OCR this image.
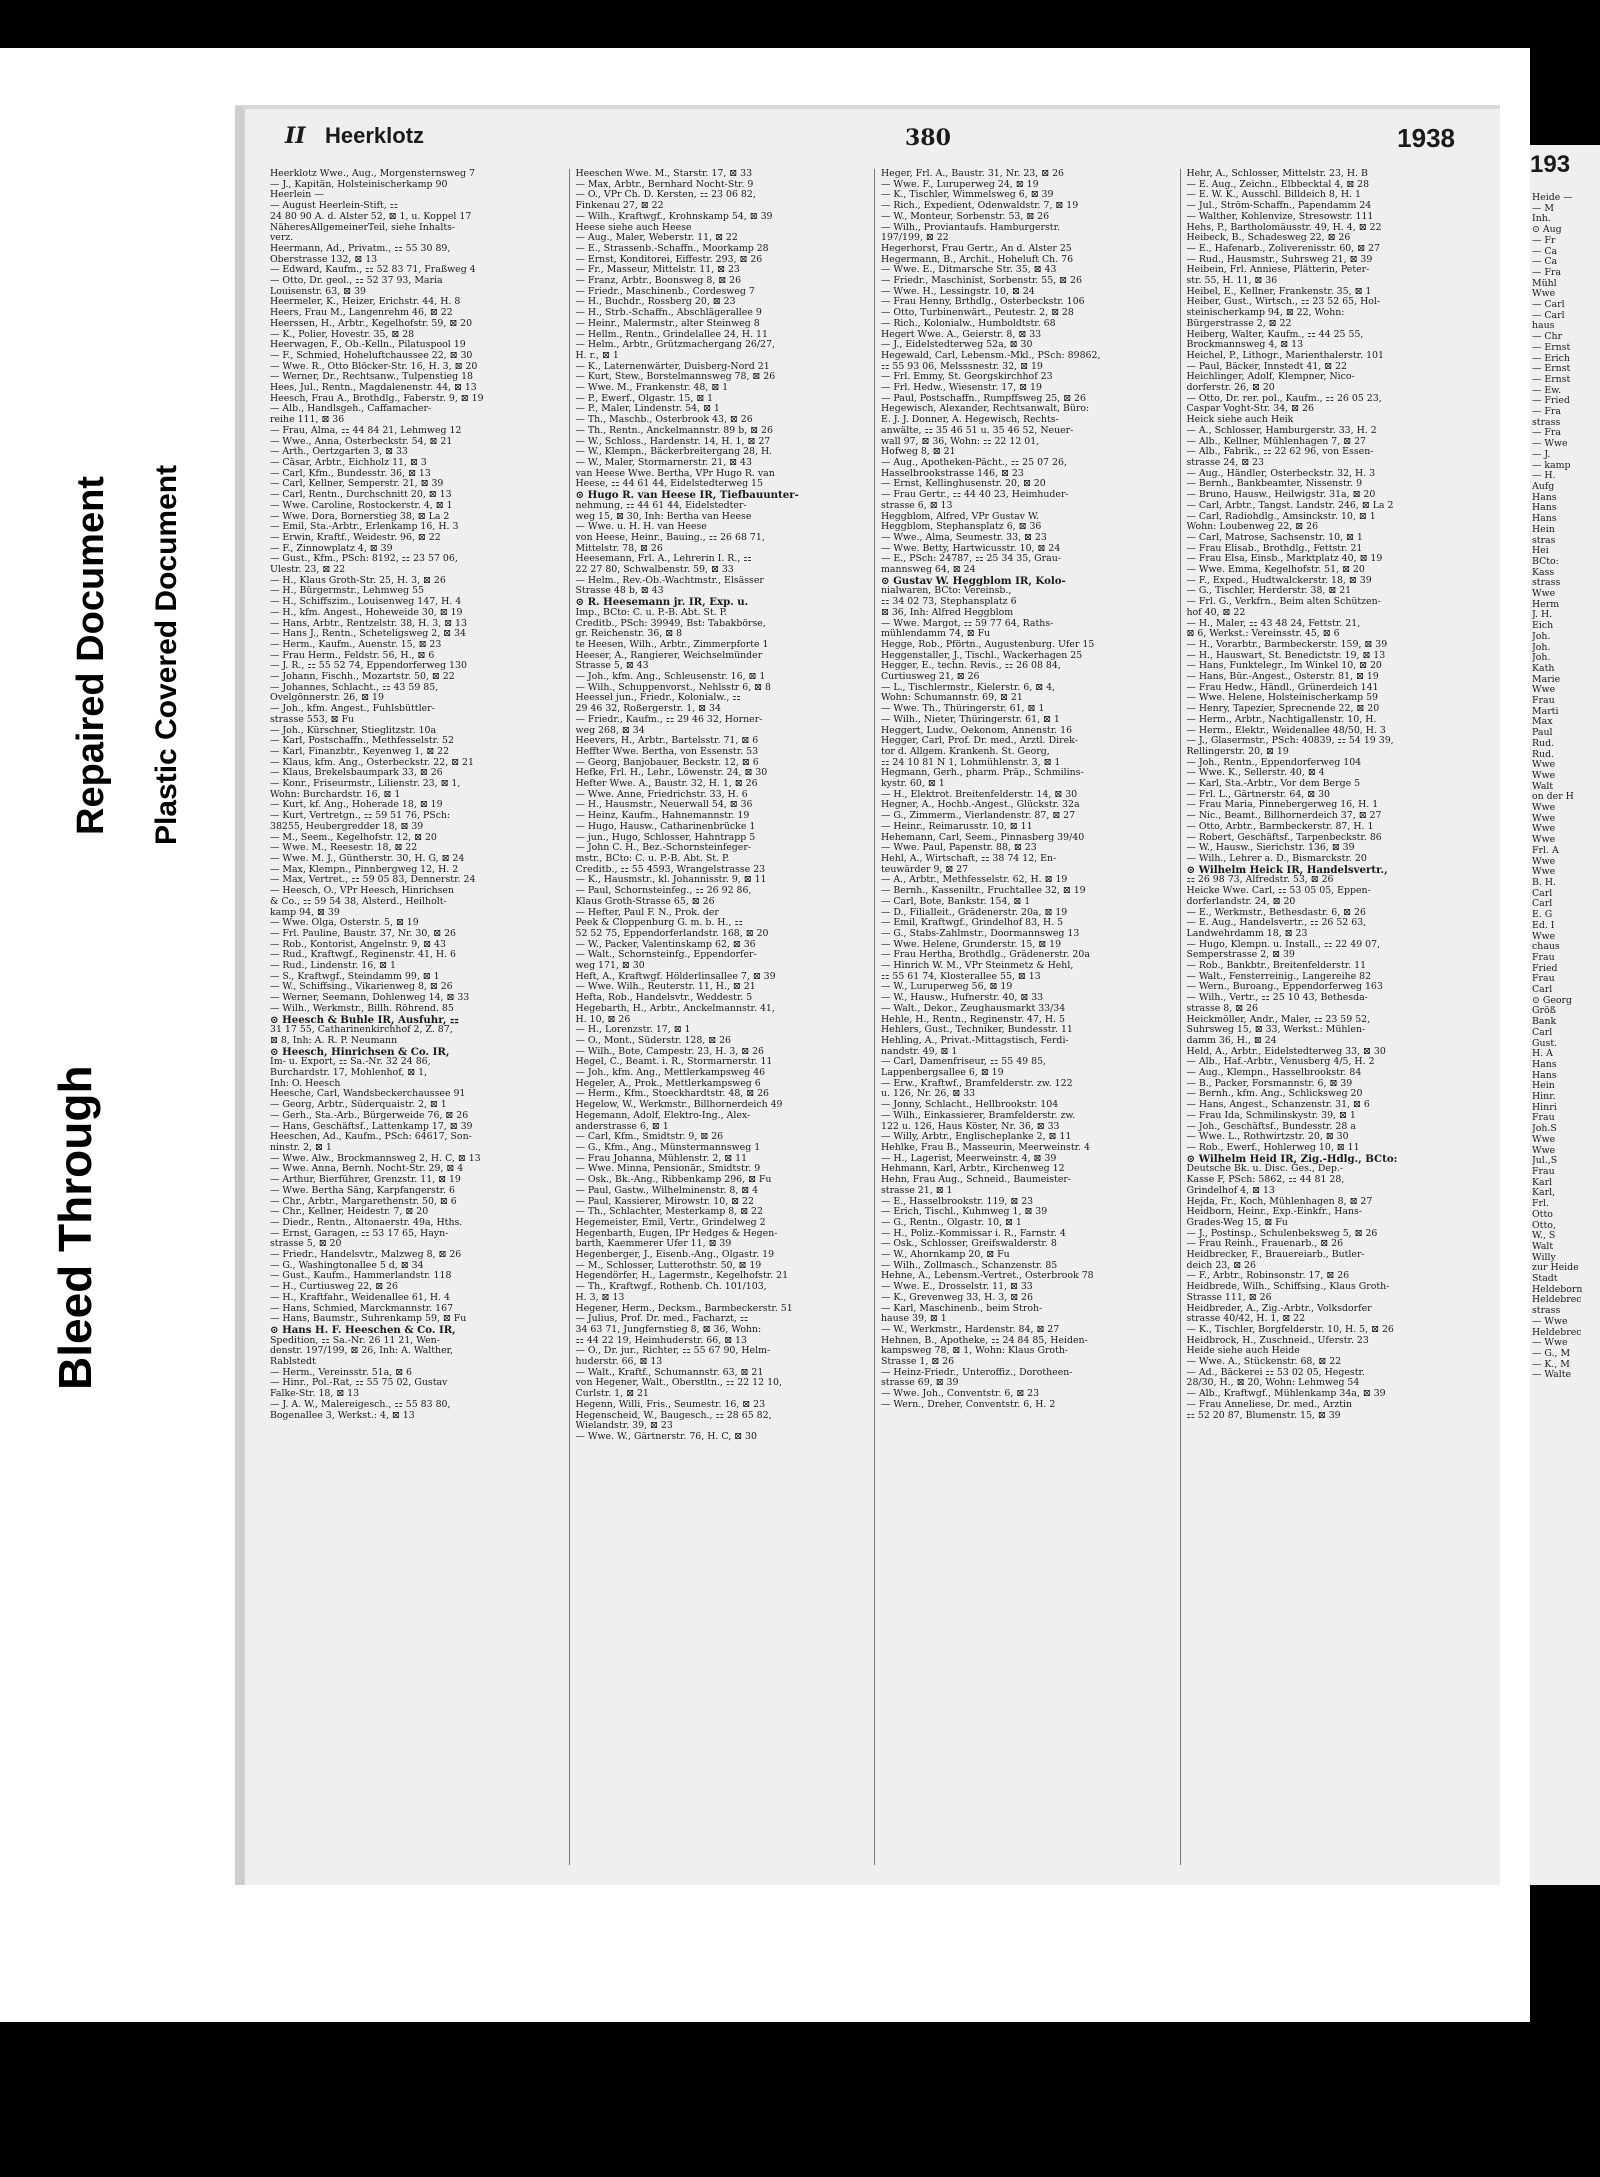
Bleed Through
Repaired Document Plastic Covered Document
II Heerklotz	380	1938

Heerklotz Wwe., Aug., Morgensternsweg 7

— J., Kapitän, Holsteinischerkamp 90

Heerlein —

— August Heerlein-Stift, ⚏

24 80 90 A. d. Alster 52, ⊠ 1, u. Koppel 17

NäheresAllgemeinerTeil, siehe Inhalts-

verz.

Heermann, Ad., Privatm., ⚏ 55 30 89,

Oberstrasse 132, ⊠ 13

— Edward, Kaufm., ⚏ 52 83 71, Fraßweg 4

— Otto, Dr. geol., ⚏ 52 37 93, Maria

Louisenstr. 63, ⊠ 39

Heermeler, K., Heizer, Erichstr. 44, H. 8

Heers, Frau M., Langenrehm 46, ⊠ 22

Heerssen, H., Arbtr., Kegelhofstr. 59, ⊠ 20

— K., Polier, Hovestr. 35, ⊠ 28

Heerwagen, F., Ob.-Kelln., Pilatuspool 19

— F., Schmied, Hoheluftchaussee 22, ⊠ 30

— Wwe. R., Otto Blöcker-Str. 16, H. 3, ⊠ 20

— Werner, Dr., Rechtsanw., Tulpenstieg 18

Hees, Jul., Rentn., Magdalenenstr. 44, ⊠ 13

Heesch, Frau A., Brothdlg., Faberstr. 9, ⊠ 19

— Alb., Handlsgeh., Caffamacher-

reihe 111, ⊠ 36

— Frau, Alma, ⚏ 44 84 21, Lehmweg 12

— Wwe., Anna, Osterbeckstr. 54, ⊠ 21

— Arth., Oertzgarten 3, ⊠ 33

— Cäsar, Arbtr., Eichholz 11, ⊠ 3

— Carl, Kfm., Bundesstr. 36, ⊠ 13

— Carl, Kellner, Semperstr. 21, ⊠ 39

— Carl, Rentn., Durchschnitt 20, ⊠ 13

— Wwe. Caroline, Rostockerstr. 4, ⊠ 1

— Wwe. Dora, Bornerstieg 38, ⊠ La 2

— Emil, Sta.-Arbtr., Erlenkamp 16, H. 3

— Erwin, Kraftf., Weidestr. 96, ⊠ 22

— F., Zinnowplatz 4, ⊠ 39

— Gust., Kfm., PSch: 8192, ⚏ 23 57 06,

Ulestr. 23, ⊠ 22

— H., Klaus Groth-Str. 25, H. 3, ⊠ 26

— H., Bürgermstr., Lehmweg 55

— H., Schiffszim., Louisenweg 147, H. 4

— H., kfm. Angest., Hoheweide 30, ⊠ 19

— Hans, Arbtr., Rentzelstr. 38, H. 3, ⊠ 13

— Hans J., Rentn., Scheteligsweg 2, ⊠ 34

— Herm., Kaufm., Auenstr. 15, ⊠ 23

— Frau Herm., Feldstr. 56, H., ⊠ 6

— J. R., ⚏ 55 52 74, Eppendorferweg 130

— Johann, Fischh., Mozartstr. 50, ⊠ 22

— Johannes, Schlacht., ⚏ 43 59 85,

Övelgönnerstr. 26, ⊠ 19

— Joh., kfm. Angest., Fuhlsbüttler-

strasse 553, ⊠ Fu

— Joh., Kürschner, Stieglitzstr. 10a

— Karl, Postschaffn., Methfesselstr. 52

— Karl, Finanzbtr., Keyenweg 1, ⊠ 22

— Klaus, kfm. Ang., Osterbeckstr. 22, ⊠ 21

— Klaus, Brekelsbaumpark 33, ⊠ 26

— Konr., Friseurmstr., Lilienstr. 23, ⊠ 1,

Wohn: Burchardstr. 16, ⊠ 1

— Kurt, kf. Ang., Hoherade 18, ⊠ 19

— Kurt, Vertretgn., ⚏ 59 51 76, PSch:

38255, Heubergredder 18, ⊠ 39

— M., Seem., Kegelhofstr. 12, ⊠ 20

— Wwe. M., Reesestr. 18, ⊠ 22

— Wwe. M. J., Güntherstr. 30, H. G, ⊠ 24

— Max, Klempn., Pinnbergweg 12, H. 2

— Max, Vertret., ⚏ 59 05 83, Dennerstr. 24

— Heesch, O., VPr Heesch, Hinrichsen

& Co., ⚏ 59 54 38, Alsterd., Heilholt-

kamp 94, ⊠ 39

— Wwe. Olga, Osterstr. 5, ⊠ 19

— Frl. Pauline, Baustr. 37, Nr. 30, ⊠ 26

— Rob., Kontorist, Angelnstr. 9, ⊠ 43

— Rud., Kraftwgf., Reginenstr. 41, H. 6

— Rud., Lindenstr. 16, ⊠ 1

— S., Kraftwgf., Steindamm 99, ⊠ 1

— W., Schiffsing., Vikarienweg 8, ⊠ 26

— Werner, Seemann, Dohlenweg 14, ⊠ 33

— Wilh., Werkmstr., Billh. Röhrend. 85

⊙ Heesch & Buhle IR, Ausfuhr, ⚏

31 17 55, Catharinenkirchhof 2, Z. 87,

⊠ 8, Inh: A. R. P. Neumann

⊙ Heesch, Hinrichsen & Co. IR,

Im- u. Export, ⚏ Sa.-Nr. 32 24 86,

Burchardstr. 17, Mohlenhof, ⊠ 1,

Inh: O. Heesch

Heesche, Carl, Wandsbeckerchaussee 91

— Georg, Arbtr., Süderquaistr. 2, ⊠ 1

— Gerh., Sta.-Arb., Bürgerweide 76, ⊠ 26

— Hans, Geschäftsf., Lattenkamp 17, ⊠ 39

Heeschen, Ad., Kaufm., PSch: 64617, Son-

ninstr. 2, ⊠ 1

— Wwe. Alw., Brockmannsweg 2, H. C, ⊠ 13

— Wwe. Anna, Bernh. Nocht-Str. 29, ⊠ 4

— Arthur, Bierführer, Grenzstr. 11, ⊠ 19

— Wwe. Bertha Säng, Karpfangerstr. 6

— Chr., Arbtr., Margarethenstr. 50, ⊠ 6

— Chr., Kellner, Heidestr. 7, ⊠ 20

— Diedr., Rentn., Altonaerstr. 49a, Hths.

— Ernst, Garagen, ⚏ 53 17 65, Hayn-

strasse 5, ⊠ 20

— Friedr., Handelsvtr., Malzweg 8, ⊠ 26

— G., Washingtonallee 5 d, ⊠ 34

— Gust., Kaufm., Hammerlandstr. 118

— H., Curtiusweg 22, ⊠ 26

— H., Kraftfahr., Weidenallee 61, H. 4

— Hans, Schmied, Marckmannstr. 167

— Hans, Baumstr., Suhrenkamp 59, ⊠ Fu

⊙ Hans H. F. Heeschen & Co. IR,

Spedition, ⚏ Sa.-Nr. 26 11 21, Wen-

denstr. 197/199, ⊠ 26, Inh: A. Walther,

Rablstedt

— Herm., Vereinsstr. 51a, ⊠ 6

— Hinr., Pol.-Rat, ⚏ 55 75 02, Gustav

Falke-Str. 18, ⊠ 13

— J. A. W., Malereigesch., ⚏ 55 83 80,

Bogenallee 3, Werkst.: 4, ⊠ 13

Heeschen Wwe. M., Starstr. 17, ⊠ 33

— Max, Arbtr., Bernhard Nocht-Str. 9

— O., VPr Ch. D. Kersten, ⚏ 23 06 82,

Finkenau 27, ⊠ 22

— Wilh., Kraftwgf., Krohnskamp 54, ⊠ 39

Heese siehe auch Heese

— Aug., Maler, Weberstr. 11, ⊠ 22

— E., Strassenb.-Schaffn., Moorkamp 28

— Ernst, Konditorei, Eiffestr. 293, ⊠ 26

— Fr., Masseur, Mittelstr. 11, ⊠ 23

— Franz, Arbtr., Boonsweg 8, ⊠ 26

— Friedr., Maschinenb., Cordesweg 7

— H., Buchdr., Rossberg 20, ⊠ 23

— H., Strb.-Schaffn., Abschlägerallee 9

— Heinr., Malermstr., alter Steinweg 8

— Hellm., Rentn., Grindelallee 24, H. 11

— Helm., Arbtr., Grützmachergang 26/27,

H. r., ⊠ 1

— K., Laternenwärter, Duisberg-Nord 21

— Kurt, Stew., Borstelmannsweg 78, ⊠ 26

— Wwe. M., Frankenstr. 48, ⊠ 1

— P., Ewerf., Olgastr. 15, ⊠ 1

— P., Maler, Lindenstr. 54, ⊠ 1

— Th., Maschb., Osterbrook 43, ⊠ 26

— Th., Rentn., Anckelmannstr. 89 b, ⊠ 26

— W., Schloss., Hardenstr. 14, H. 1, ⊠ 27

— W., Klempn., Bäckerbreitergang 28, H.

— W., Maler, Stormarnerstr. 21, ⊠ 43

van Heese Wwe. Bertha, VPr Hugo R. van

Heese, ⚏ 44 61 44, Eidelstedterweg 15

⊙ Hugo R. van Heese IR, Tiefbauunter-

nehmung, ⚏ 44 61 44, Eidelstedter-

weg 15, ⊠ 30, Inh: Bertha van Heese

— Wwe. u. H. H. van Heese

von Heese, Heinr., Bauing., ⚏ 26 68 71,

Mittelstr. 78, ⊠ 26

Heesemann, Frl. A., Lehrerin I. R., ⚏

22 27 80, Schwalbenstr. 59, ⊠ 33

— Helm., Rev.-Ob.-Wachtmstr., Elsässer

Strasse 48 b, ⊠ 43

⊙ R. Heesemann jr. IR, Exp. u.

Imp., BCto: C. u. P.-B. Abt. St. P.

Creditb., PSch: 39949, Bst: Tabakbörse,

gr. Reichenstr. 36, ⊠ 8

te Heesen, Wilh., Arbtr., Zimmerpforte 1

Heeser, A., Rangierer, Weichselmünder

Strasse 5, ⊠ 43

— Joh., kfm. Ang., Schleusenstr. 16, ⊠ 1

— Wilh., Schuppenvorst., Nehlsstr 6, ⊠ 8

Heessel jun., Friedr., Kolonialw., ⚏

29 46 32, Roßergerstr. 1, ⊠ 34

— Friedr., Kaufm., ⚏ 29 46 32, Horner-

weg 268, ⊠ 34

Heevers, H., Arbtr., Bartelsstr. 71, ⊠ 6

Heffter Wwe. Bertha, von Essenstr. 53

— Georg, Banjobauer, Beckstr. 12, ⊠ 6

Hefke, Frl. H., Lehr., Löwenstr. 24, ⊠ 30

Hefter Wwe. A., Baustr. 32, H. 1, ⊠ 26

— Wwe. Anne, Friedrichstr. 33, H. 6

— H., Hausmstr., Neuerwall 54, ⊠ 36

— Heinz, Kaufm., Hahnemannstr. 19

— Hugo, Hausw., Catharinenbrücke 1

— jun., Hugo, Schlosser, Hahntrapp 5

— John C. H., Bez.-Schornsteinfeger-

mstr., BCto: C. u. P.-B. Abt. St. P.

Creditb., ⚏ 55 4593, Wrangelstrasse 23

— K., Hausmstr., kl. Johannisstr. 9, ⊠ 11

— Paul, Schornsteinfeg., ⚏ 26 92 86,

Klaus Groth-Strasse 65, ⊠ 26

— Hefter, Paul F. N., Prok. der

Peek & Cloppenburg G. m. b. H., ⚏

52 52 75, Eppendorferlandstr. 168, ⊠ 20

— W., Packer, Valentinskamp 62, ⊠ 36

— Walt., Schornsteinfg., Eppendorfer-

weg 171, ⊠ 30

Heft, A., Kraftwgf. Hölderlinsallee 7, ⊠ 39

— Wwe. Wilh., Reuterstr. 11, H., ⊠ 21

Hefta, Rob., Handelsvtr., Weddestr. 5

Hegebarth, H., Arbtr., Anckelmannstr. 41,

H. 10, ⊠ 26

— H., Lorenzstr. 17, ⊠ 1

— O., Mont., Süderstr. 128, ⊠ 26

— Wilh., Bote, Campestr. 23, H. 3, ⊠ 26

Hegel, C., Beamt. i. R., Stormarnerstr. 11

— Joh., kfm. Ang., Mettlerkampsweg 46

Hegeler, A., Prok., Mettlerkampsweg 6

— Herm., Kfm., Stoeckhardtstr. 48, ⊠ 26

Hegelow, W., Werkmstr., Billhornerdeich 49

Hegemann, Adolf, Elektro-Ing., Alex-

anderstrasse 6, ⊠ 1

— Carl, Kfm., Smidtstr. 9, ⊠ 26

— G., Kfm., Ang., Münstermannsweg 1

— Frau Johanna, Mühlenstr. 2, ⊠ 11

— Wwe. Minna, Pensionär., Smidtstr. 9

— Osk., Bk.-Ang., Ribbenkamp 296, ⊠ Fu

— Paul, Gastw., Wilhelminenstr. 8, ⊠ 4

— Paul, Kassierer, Mirowstr. 10, ⊠ 22

— Th., Schlachter, Mesterkamp 8, ⊠ 22

Hegemeister, Emil, Vertr., Grindelweg 2

Hegenbarth, Eugen, IPr Hedges & Hegen-

barth, Kaemmerer Ufer 11, ⊠ 39

Hegenberger, J., Eisenb.-Ang., Olgastr. 19

— M., Schlosser, Lutterothstr. 50, ⊠ 19

Hegendörfer, H., Lagermstr., Kegelhofstr. 21

— Th., Kraftwgf., Rothenb. Ch. 101/103,

H. 3, ⊠ 13

Hegener, Herm., Decksm., Barmbeckerstr. 51

— Julius, Prof. Dr. med., Facharzt, ⚏

34 63 71, Jungfernstieg 8, ⊠ 36, Wohn:

⚏ 44 22 19, Heimhuderstr. 66, ⊠ 13

— O., Dr. jur., Richter, ⚏ 55 67 90, Helm-

huderstr. 66, ⊠ 13

— Walt., Kraftf., Schumannstr. 63, ⊠ 21

von Hegener, Walt., Oberstltn., ⚏ 22 12 10,

Curlstr. 1, ⊠ 21

Hegenn, Willi, Fris., Seumestr. 16, ⊠ 23

Hegenscheid, W., Baugesch., ⚏ 28 65 82,

Wielandstr. 39, ⊠ 23

— Wwe. W., Gärtnerstr. 76, H. C, ⊠ 30

Heger, Frl. A., Baustr. 31, Nr. 23, ⊠ 26

— Wwe. F., Luruperweg 24, ⊠ 19

— K., Tischler, Wimmelsweg 6, ⊠ 39

— Rich., Expedient, Odenwaldstr. 7, ⊠ 19

— W., Monteur, Sorbenstr. 53, ⊠ 26

— Wilh., Proviantaufs. Hamburgerstr.

197/199, ⊠ 22

Hegerhorst, Frau Gertr., An d. Alster 25

Hegermann, B., Archit., Hoheluft Ch. 76

— Wwe. E., Ditmarsche Str. 35, ⊠ 43

— Friedr., Maschinist, Sorbenstr. 55, ⊠ 26

— Wwe. H., Lessingstr. 10, ⊠ 24

— Frau Henny, Brthdlg., Osterbeckstr. 106

— Otto, Turbinenwärt., Peutestr. 2, ⊠ 28

— Rich., Kolonialw., Humboldtstr. 68

Hegert Wwe. A., Geierstr. 8, ⊠ 33

— J., Eidelstedterweg 52a, ⊠ 30

Hegewald, Carl, Lebensm.-Mkl., PSch: 89862,

⚏ 55 93 06, Melsssnestr. 32, ⊠ 19

— Frl. Emmy, St. Georgskirchhof 23

— Frl. Hedw., Wiesenstr. 17, ⊠ 19

— Paul, Postschaffn., Rumpffsweg 25, ⊠ 26

Hegewisch, Alexander, Rechtsanwalt, Büro:

E. J. J. Donner, A. Hegewisch, Rechts-

anwälte, ⚏ 35 46 51 u. 35 46 52, Neuer-

wall 97, ⊠ 36, Wohn: ⚏ 22 12 01,

Hofweg 8, ⊠ 21

— Aug., Apotheken-Pächt., ⚏ 25 07 26,

Hasselbrookstrasse 146, ⊠ 23

— Ernst, Kellinghusenstr. 20, ⊠ 20

— Frau Gertr., ⚏ 44 40 23, Heimhuder-

strasse 6, ⊠ 13

Heggblom, Alfred, VPr Gustav W.

Heggblom, Stephansplatz 6, ⊠ 36

— Wwe., Alma, Seumestr. 33, ⊠ 23

— Wwe. Betty, Hartwicusstr. 10, ⊠ 24

— E., PSch: 24787, ⚏ 25 34 35, Grau-

mannsweg 64, ⊠ 24

⊙ Gustav W. Heggblom IR, Kolo-

nialwaren, BCto: Vereinsb.,

⚏ 34 02 73, Stephansplatz 6

⊠ 36, Inh: Alfred Heggblom

— Wwe. Margot, ⚏ 59 77 64, Raths-

mühlendamm 74, ⊠ Fu

Hegge, Rob., Pförtn., Augustenburg. Ufer 15

Heggenstaller, J., Tischl., Wackerhagen 25

Hegger, E., techn. Revis., ⚏ 26 08 84,

Curtiusweg 21, ⊠ 26

— L., Tischlermstr., Kielerstr. 6, ⊠ 4,

Wohn: Schumannstr. 69, ⊠ 21

— Wwe. Th., Thüringerstr. 61, ⊠ 1

— Wilh., Nieter, Thüringerstr. 61, ⊠ 1

Heggert, Ludw., Oekonom, Annenstr. 16

Hegger, Carl, Prof. Dr. med., Ärztl. Direk-

tor d. Allgem. Krankenh. St. Georg,

⚏ 24 10 81 N 1, Lohmühlenstr. 3, ⊠ 1

Hegmann, Gerh., pharm. Präp., Schmilins-

kystr. 60, ⊠ 1

— H., Elektrot. Breitenfelderstr. 14, ⊠ 30

Hegner, A., Hochb.-Angest., Glückstr. 32a

— G., Zimmerm., Vierlandenstr. 87, ⊠ 27

— Heinr., Reimarusstr. 10, ⊠ 11

Hehemann, Carl, Seem., Pinnasberg 39/40

— Wwe. Paul, Papenstr. 88, ⊠ 23

Hehl, A., Wirtschaft, ⚏ 38 74 12, En-

teuwärder 9, ⊠ 27

— A., Arbtr., Methfesselstr. 62, H. ⊠ 19

— Bernh., Kasseniltr., Fruchtallee 32, ⊠ 19

— Carl, Bote, Bankstr. 154, ⊠ 1

— D., Filialleit., Grädenerstr. 20a, ⊠ 19

— Emil, Kraftwgf., Grindelhof 83, H. 5

— G., Stabs-Zahlmstr., Doormannsweg 13

— Wwe. Helene, Grunderstr. 15, ⊠ 19

— Frau Hertha, Brothdlg., Grädenerstr. 20a

— Hinrich W. M., VPr Steinmetz & Hehl,

⚏ 55 61 74, Klosterallee 55, ⊠ 13

— W., Luruperweg 56, ⊠ 19

— W., Hausw., Hufnerstr. 40, ⊠ 33

— Walt., Dekor., Zeughausmarkt 33/34

Hehle, H., Rentn., Reginenstr. 47, H. 5

Hehlers, Gust., Techniker, Bundesstr. 11

Hehling, A., Privat.-Mittagstisch, Ferdi-

nandstr. 49, ⊠ 1

— Carl, Damenfriseur, ⚏ 55 49 85,

Lappenbergsallee 6, ⊠ 19

— Erw., Kraftwf., Bramfelderstr. zw. 122

u. 126, Nr. 26, ⊠ 33

— Jonny, Schlacht., Hellbrookstr. 104

— Wilh., Einkassierer, Bramfelderstr. zw.

122 u. 126, Haus Köster, Nr. 36, ⊠ 33

— Willy, Arbtr., Englischeplanke 2, ⊠ 11

Hehlke, Frau B., Masseurin, Meerweinstr. 4

— H., Lagerist, Meerweinstr. 4, ⊠ 39

Hehmann, Karl, Arbtr., Kirchenweg 12

Hehn, Frau Aug., Schneid., Baumeister-

strasse 21, ⊠ 1

— E., Hasselbrookstr. 119, ⊠ 23

— Erich, Tischl., Kuhmweg 1, ⊠ 39

— G., Rentn., Olgastr. 10, ⊠ 1

— H., Poliz.-Kommissar i. R., Farnstr. 4

— Osk., Schlosser, Greifswalderstr. 8

— W., Ahornkamp 20, ⊠ Fu

— Wilh., Zollmasch., Schanzenstr. 85

Hehne, A., Lebensm.-Vertret., Osterbrook 78

— Wwe. E., Drosselstr. 11, ⊠ 33

— K., Grevenweg 33, H. 3, ⊠ 26

— Karl, Maschinenb., beim Stroh-

hause 39, ⊠ 1

— W., Werkmstr., Hardenstr. 84, ⊠ 27

Hehnen, B., Apotheke, ⚏ 24 84 85, Heiden-

kampsweg 78, ⊠ 1, Wohn: Klaus Groth-

Strasse 1, ⊠ 26

— Heinz-Friedr., Unteroffiz., Dorotheen-

strasse 69, ⊠ 39

— Wwe. Joh., Conventstr. 6, ⊠ 23

— Wern., Dreher, Conventstr. 6, H. 2

Hehr, A., Schlosser, Mittelstr. 23, H. B

— E. Aug., Zeichn., Elbbecktal 4, ⊠ 28

— E. W. K., Ausschl. Billdeich 8, H. 1

— Jul., Ström-Schaffn., Papendamm 24

— Walther, Kohlenvize, Stresowstr. 111

Hehs, P., Bartholomäusstr. 49, H. 4, ⊠ 22

Heibeck, B., Schadesweg 22, ⊠ 26

— E., Hafenarb., Zoliverenisstr. 60, ⊠ 27

— Rud., Hausmstr., Suhrsweg 21, ⊠ 39

Heibein, Frl. Anniese, Plätterin, Peter-

str. 55, H. 11, ⊠ 36

Heibel, E., Kellner, Frankenstr. 35, ⊠ 1

Heiber, Gust., Wirtsch., ⚏ 23 52 65, Hol-

steinischerkamp 94, ⊠ 22, Wohn:

Bürgerstrasse 2, ⊠ 22

Heiberg, Walter, Kaufm., ⚏ 44 25 55,

Brockmannsweg 4, ⊠ 13

Heichel, P., Lithogr., Marienthalerstr. 101

— Paul, Bäcker, Innstedt 41, ⊠ 22

Heichlinger, Adolf, Klempner, Nico-

dorferstr. 26, ⊠ 20

— Otto, Dr. rer. pol., Kaufm., ⚏ 26 05 23,

Caspar Voght-Str. 34, ⊠ 26

Heick siehe auch Heik

— A., Schlosser, Hamburgerstr. 33, H. 2

— Alb., Kellner, Mühlenhagen 7, ⊠ 27

— Alb., Fabrik., ⚏ 22 62 96, von Essen-

strasse 24, ⊠ 23

— Aug., Händler, Osterbeckstr. 32, H. 3

— Bernh., Bankbeamter, Nissenstr. 9

— Bruno, Hausw., Heilwigstr. 31a, ⊠ 20

— Carl, Arbtr., Tangst. Landstr. 246, ⊠ La 2

— Carl, Radiohdlg., Amsinckstr. 10, ⊠ 1

Wohn: Loubenweg 22, ⊠ 26

— Carl, Matrose, Sachsenstr. 10, ⊠ 1

— Frau Elisab., Brothdlg., Fettstr. 21

— Frau Elsa, Einsb., Marktplatz 40, ⊠ 19

— Wwe. Emma, Kegelhofstr. 51, ⊠ 20

— F., Exped., Hudtwalckerstr. 18, ⊠ 39

— G., Tischler, Herderstr. 38, ⊠ 21

— Frl. G., Verkfrn., Beim alten Schützen-

hof 40, ⊠ 22

— H., Maler, ⚏ 43 48 24, Fettstr. 21,

⊠ 6, Werkst.: Vereinsstr. 45, ⊠ 6

— H., Vorarbtr., Barmbeckerstr. 159, ⊠ 39

— H., Hauswart, St. Benedictstr. 19, ⊠ 13

— Hans, Funktelegr., Im Winkel 10, ⊠ 20

— Hans, Bür.-Angest., Osterstr. 81, ⊠ 19

— Frau Hedw., Händl., Grünerdeich 141

— Wwe. Helene, Holsteinischerkamp 59

— Henry, Tapezier, Sprecnende 22, ⊠ 20

— Herm., Arbtr., Nachtigallenstr. 10, H.

— Herm., Elektr., Weidenallee 48/50, H. 3

— J., Glasermstr., PSch: 40839, ⚏ 54 19 39,

Rellingerstr. 20, ⊠ 19

— Joh., Rentn., Eppendorferweg 104

— Wwe. K., Sellerstr. 40, ⊠ 4

— Karl, Sta.-Arbtr., Vor dem Berge 5

— Frl. L., Gärtnerstr. 64, ⊠ 30

— Frau Maria, Pinnebergerweg 16, H. 1

— Nic., Beamt., Billhornerdeich 37, ⊠ 27

— Otto, Arbtr., Barmbeckerstr. 87, H. 1

— Robert, Geschäftsf., Tarpenbeckstr. 86

— W., Hausw., Sierichstr. 136, ⊠ 39

— Wilh., Lehrer a. D., Bismarckstr. 20

⊙ Wilhelm Heick IR, Handelsvertr.,

⚏ 26 98 73, Alfredstr. 53, ⊠ 26

Heicke Wwe. Carl, ⚏ 53 05 05, Eppen-

dorferlandstr. 24, ⊠ 20

— E., Werkmstr., Bethesdastr. 6, ⊠ 26

— E. Aug., Handelsvertr., ⚏ 26 52 63,

Landwehrdamm 18, ⊠ 23

— Hugo, Klempn. u. Install., ⚏ 22 49 07,

Semperstrasse 2, ⊠ 39

— Rob., Bankbtr., Breitenfelderstr. 11

— Walt., Fensterreinig., Langereihe 82

— Wern., Buroang., Eppendorferweg 163

— Wilh., Vertr., ⚏ 25 10 43, Bethesda-

strasse 8, ⊠ 26

Heickmöller, Andr., Maler, ⚏ 23 59 52,

Suhrsweg 15, ⊠ 33, Werkst.: Mühlen-

damm 36, H., ⊠ 24

Held, A., Arbtr., Eidelstedterweg 33, ⊠ 30

— Alb., Haf.-Arbtr., Venusberg 4/5, H. 2

— Aug., Klempn., Hasselbrookstr. 84

— B., Packer, Forsmannstr. 6, ⊠ 39

— Bernh., kfm. Ang., Schlicksweg 20

— Hans, Angest., Schanzenstr. 31, ⊠ 6

— Frau Ida, Schmilinskystr. 39, ⊠ 1

— Joh., Geschäftsf., Bundesstr. 28 a

— Wwe. L., Rothwirtzstr. 20, ⊠ 30

— Rob., Ewerf., Hohlerweg 10, ⊠ 11

⊙ Wilhelm Heid IR, Zig.-Hdlg., BCto:

Deutsche Bk. u. Disc. Ges., Dep.-

Kasse F, PSch: 5862, ⚏ 44 81 28,

Grindelhof 4, ⊠ 13

Hejda, Fr., Koch, Mühlenhagen 8, ⊠ 27

Heidborn, Heinr., Exp.-Einkfr., Hans-

Grades-Weg 15, ⊠ Fu

— J., Postinsp., Schulenbeksweg 5, ⊠ 26

— Frau Reinh., Frauenarb., ⊠ 26

Heidbrecker, F., Brauereiarb., Butler-

deich 23, ⊠ 26

— F., Arbtr., Robinsonstr. 17, ⊠ 26

Heidbrede, Wilh., Schiffsing., Klaus Groth-

Strasse 111, ⊠ 26

Heidbreder, A., Zig.-Arbtr., Volksdorfer

strasse 40/42, H. 1, ⊠ 22

— K., Tischler, Borgfelderstr. 10, H. 5, ⊠ 26

Heidbrock, H., Zuschneid., Uferstr. 23

Heide siehe auch Heide

— Wwe. A., Stückenstr. 68, ⊠ 22

— Ad., Bäckerei ⚏ 53 02 05, Hegestr.

28/30, H., ⊠ 20, Wohn: Lehmweg 54

— Alb., Kraftwgf., Mühlenkamp 34a, ⊠ 39

— Frau Anneliese, Dr. med., Ärztin

⚏ 52 20 87, Blumenstr. 15, ⊠ 39

193

Heide —

— M

Inh.

⊙ Aug

— Fr

— Ca

— Ca

— Fra

Mühl

Wwe

— Carl

— Carl

haus

— Chr

— Ernst

— Erich

— Ernst

— Ernst

— Ew.

— Fried

— Fra

strass

— Fra

— Wwe

— J.

— kamp

— H.

Aufg

Hans

Hans

Hans

Hein

stras

Hei

BCto:

Kass

strass

Wwe

Herm

J. H.

Eich

Joh.

Joh.

Joh.

Kath

Marie

Wwe

Frau

Marti

Max

Paul

Rud.

Rud.

Wwe

Wwe

Walt

on der H

Wwe

Wwe

Wwe

Wwe

Frl. A

Wwe

Wwe

B. H.

Carl

Carl

E. G

Ed. I

Wwe

chaus

Frau

Fried

Frau

Carl

⊙ Georg

Größ

Bank

Carl

Gust.

H. A

Hans

Hans

Hein

Hinr.

Hinri

Frau

Joh.S

Wwe

Wwe

Jul.,S

Frau

Karl

Karl,

Frl.

Otto

Otto,

W., S

Walt

Willy

zur Heide

Stadt

Heldeborn

Heldebrec

strass

— Wwe

Heldebrec

— Wwe

— G., M

— K., M

— Walte
